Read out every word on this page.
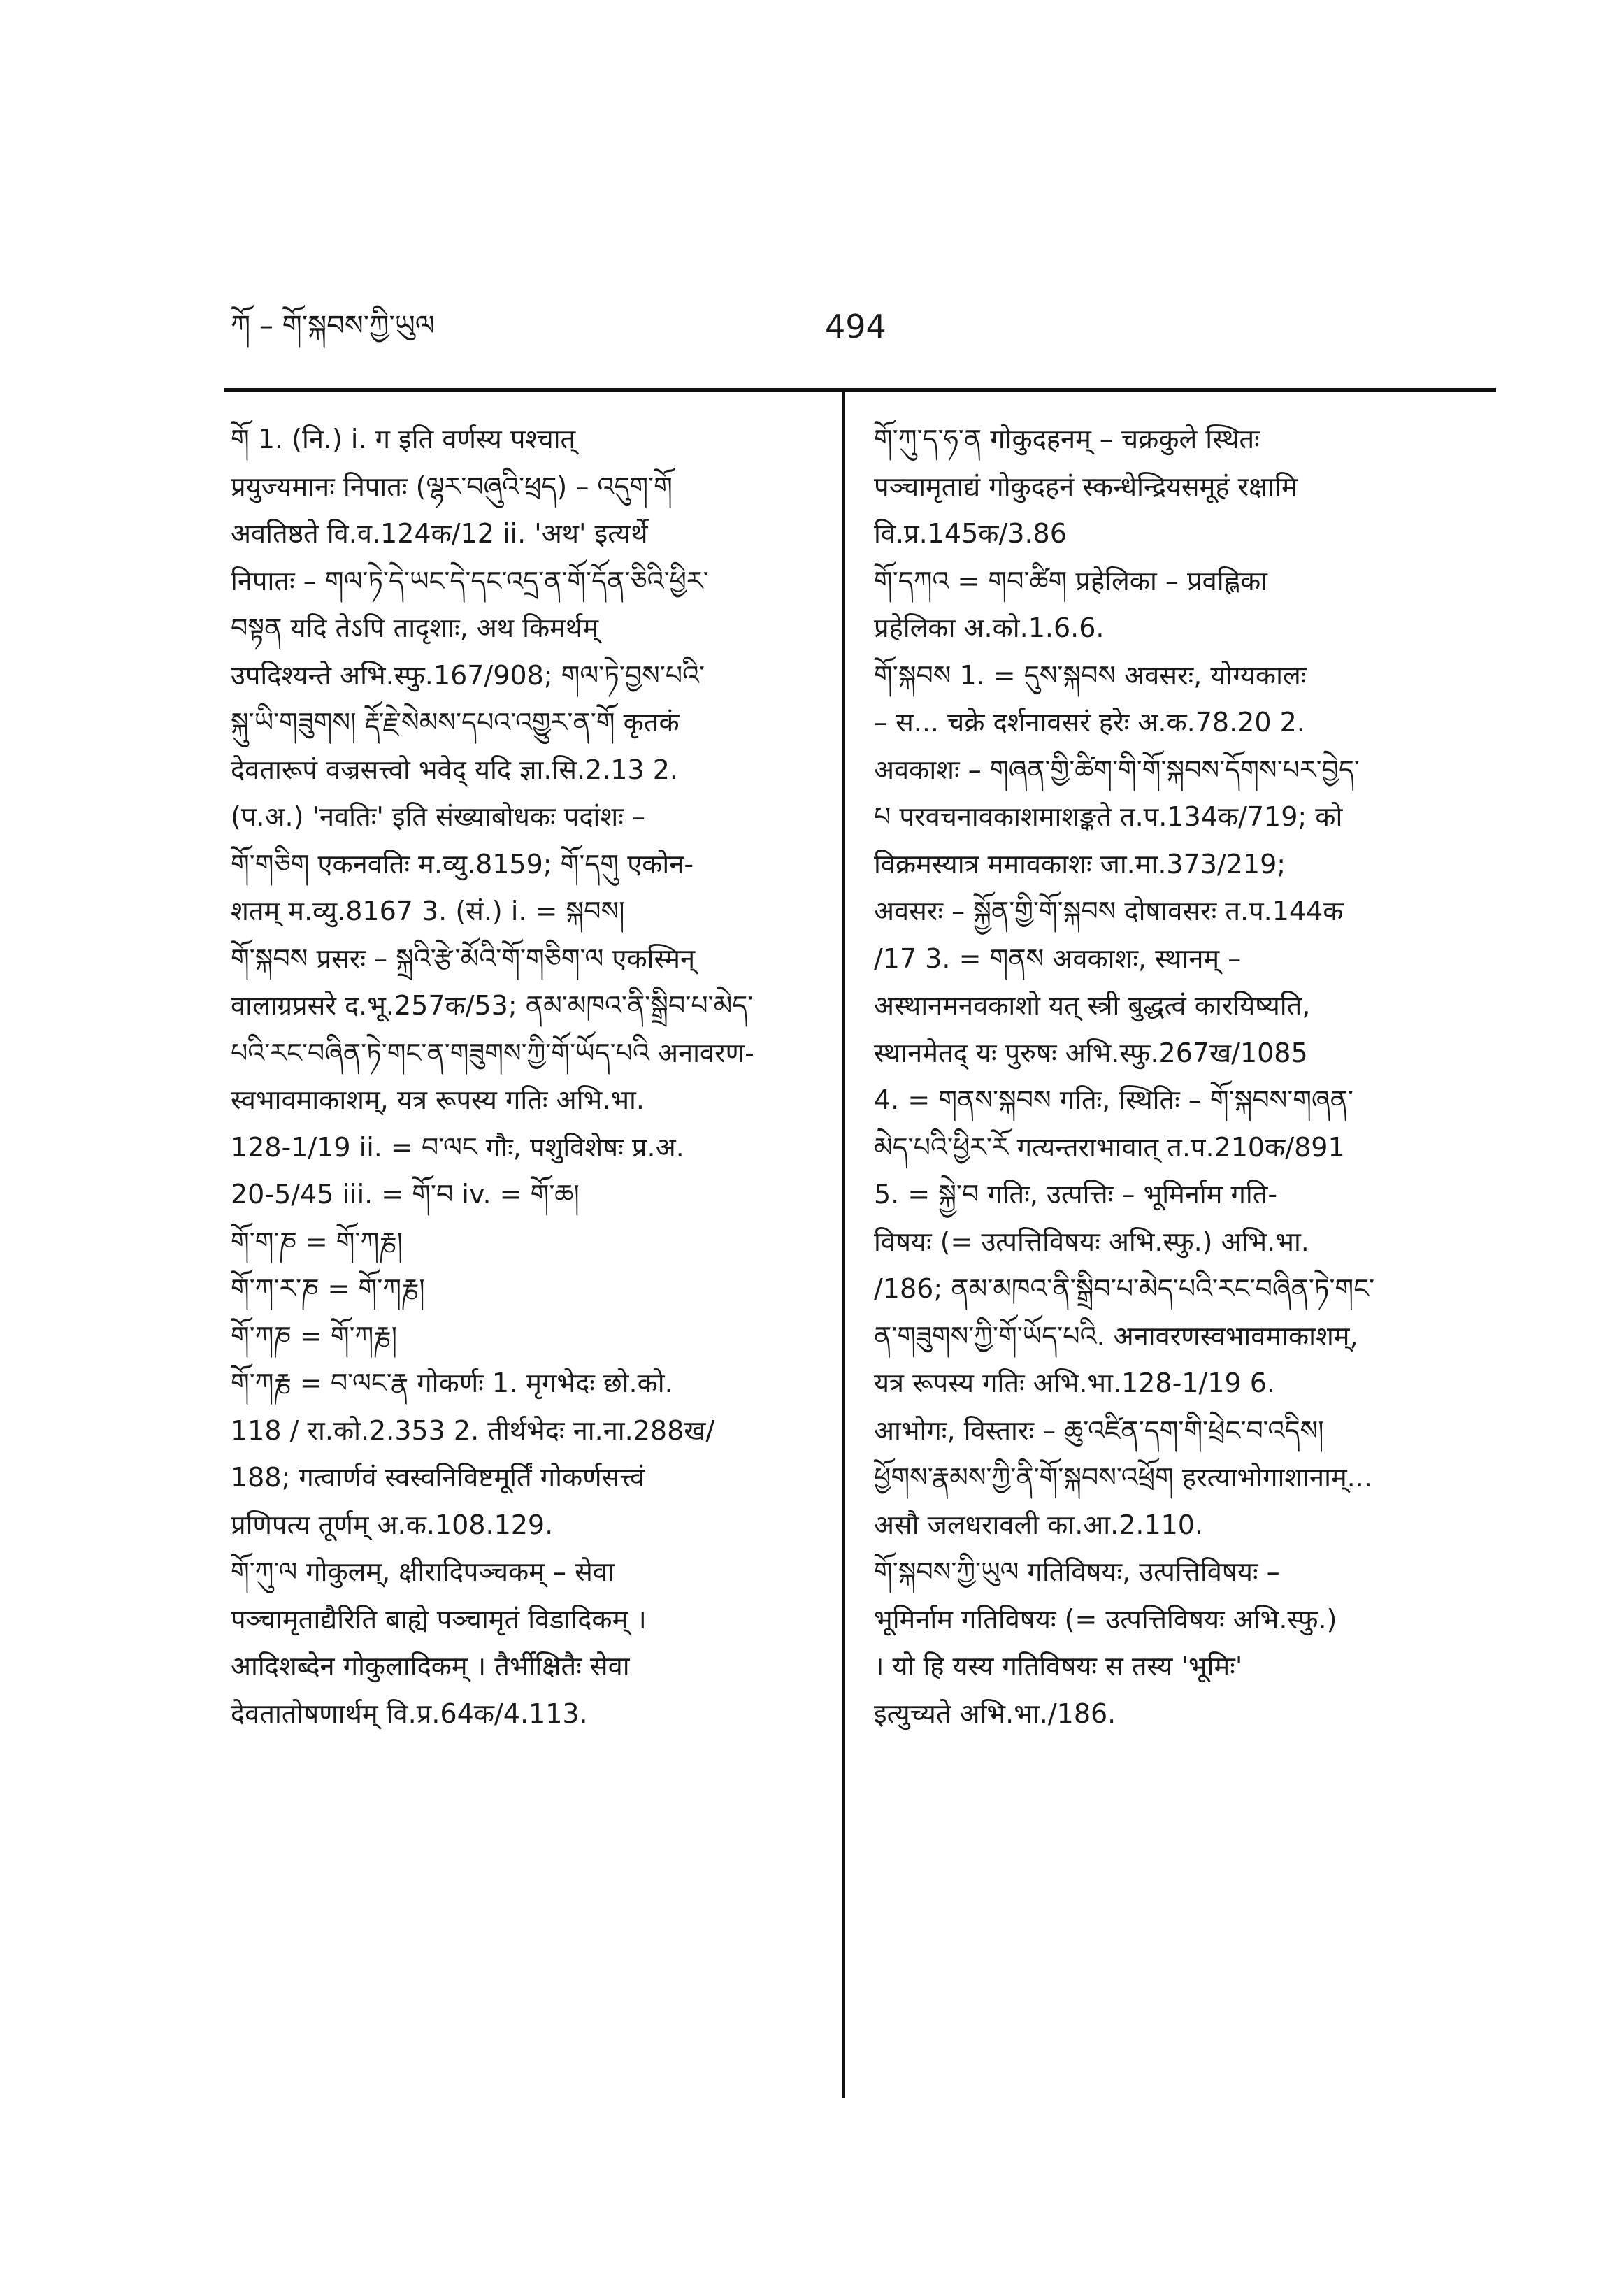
ཀོ – གོ་སྐབས་ཀྱི་ཡུལ	494
གོ 1. (नि.) i. ग इति वर्णस्य पश्चात्
प्रयुज्यमानः निपातः (ལྷར་བཞུའི་ཕྲད) – འདུག་གོ
अवतिष्ठते वि.व.124क/12 ii. 'अथ' इत्यर्थे
निपातः – གལ་ཏེ་དེ་ཡང་དེ་དང་འདྲ་ན་གོ་དོན་ཅིའི་ཕྱིར་
བསྟན यदि तेऽपि तादृशाः, अथ किमर्थम्
उपदिश्यन्ते अभि.स्फु.167/908; གལ་ཏེ་བྱས་པའི་
སྐུ་ཡི་གཟུགས། རྡོ་རྗེ་སེམས་དཔའ་འགྱུར་ན་གོ कृतकं
देवतारूपं वज्रसत्त्वो भवेद् यदि ज्ञा.सि.2.13 2.
(प.अ.) 'नवतिः' इति संख्याबोधकः पदांशः –
གོ་གཅིག एकनवतिः म.व्यु.8159; གོ་དགུ एकोन-
शतम् म.व्यु.8167 3. (सं.) i. = སྐབས།
གོ་སྐབས प्रसरः – སྐྲའི་རྩེ་མོའི་གོ་གཅིག་ལ एकस्मिन्
वालाग्रप्रसरे द.भू.257क/53; ནམ་མཁའ་ནི་སྒྲིབ་པ་མེད་
པའི་རང་བཞིན་ཏེ་གང་ན་གཟུགས་ཀྱི་གོ་ཡོད་པའི अनावरण-
स्वभावमाकाशम्, यत्र रूपस्य गतिः अभि.भा.
128-1/19 ii. = བ་ལང गौः, पशुविशेषः प्र.अ.
20-5/45 iii. = གོ་བ iv. = གོ་ཆ།
གོ་ག་ཎ = གོ་ཀརྞ།
གོ་ཀ་ར་ཎ = གོ་ཀརྞ།
གོ་ཀཎ = གོ་ཀརྞ།
གོ་ཀརྞ = བ་ལང་རྣ गोकर्णः 1. मृगभेदः छो.को.
118 / रा.को.2.353 2. तीर्थभेदः ना.ना.288ख/
188; गत्वार्णवं स्वस्वनिविष्टमूर्तिं गोकर्णसत्त्वं
प्रणिपत्य तूर्णम् अ.क.108.129.
གོ་ཀུ་ལ गोकुलम्, क्षीरादिपञ्चकम् – सेवा
पञ्चामृताद्यैरिति बाह्ये पञ्चामृतं विडादिकम् ।
आदिशब्देन गोकुलादिकम् । तैर्भीक्षितैः सेवा
देवतातोषणार्थम् वि.प्र.64क/4.113.
གོ་ཀུ་ད་ཧ་ན गोकुदहनम् – चक्रकुले स्थितः
पञ्चामृताद्यं गोकुदहनं स्कन्धेन्द्रियसमूहं रक्षामि
वि.प्र.145क/3.86
གོ་དཀའ = གབ་ཚིག प्रहेलिका – प्रवह्लिका
प्रहेलिका अ.को.1.6.6.
གོ་སྐབས 1. = དུས་སྐབས अवसरः, योग्यकालः
– स... चक्रे दर्शनावसरं हरेः अ.क.78.20 2.
अवकाशः – གཞན་གྱི་ཚིག་གི་གོ་སྐབས་དོགས་པར་བྱེད་
པ परवचनावकाशमाशङ्कते त.प.134क/719; को
विक्रमस्यात्र ममावकाशः जा.मा.373/219;
अवसरः – སྐྱོན་གྱི་གོ་སྐབས दोषावसरः त.प.144क
/17 3. = གནས अवकाशः, स्थानम् –
अस्थानमनवकाशो यत् स्त्री बुद्धत्वं कारयिष्यति,
स्थानमेतद् यः पुरुषः अभि.स्फु.267ख/1085
4. = གནས་སྐབས गतिः, स्थितिः – གོ་སྐབས་གཞན་
མེད་པའི་ཕྱིར་རོ गत्यन्तराभावात् त.प.210क/891
5. = སྐྱེ་བ गतिः, उत्पत्तिः – भूमिर्नाम गति-
विषयः (= उत्पत्तिविषयः अभि.स्फु.) अभि.भा.
/186; ནམ་མཁའ་ནི་སྒྲིབ་པ་མེད་པའི་རང་བཞིན་ཏེ་གང་
ན་གཟུགས་ཀྱི་གོ་ཡོད་པའི. अनावरणस्वभावमाकाशम्,
यत्र रूपस्य गतिः अभि.भा.128-1/19 6.
आभोगः, विस्तारः – ཆུ་འཛིན་དག་གི་ཕྲེང་བ་འདིས།
ཕྱོགས་རྣམས་ཀྱི་ནི་གོ་སྐབས་འཕྲོག हरत्याभोगाशानाम्...
असौ जलधरावली का.आ.2.110.
གོ་སྐབས་ཀྱི་ཡུལ गतिविषयः, उत्पत्तिविषयः –
भूमिर्नाम गतिविषयः (= उत्पत्तिविषयः अभि.स्फु.)
। यो हि यस्य गतिविषयः स तस्य 'भूमिः'
इत्युच्यते अभि.भा./186.
